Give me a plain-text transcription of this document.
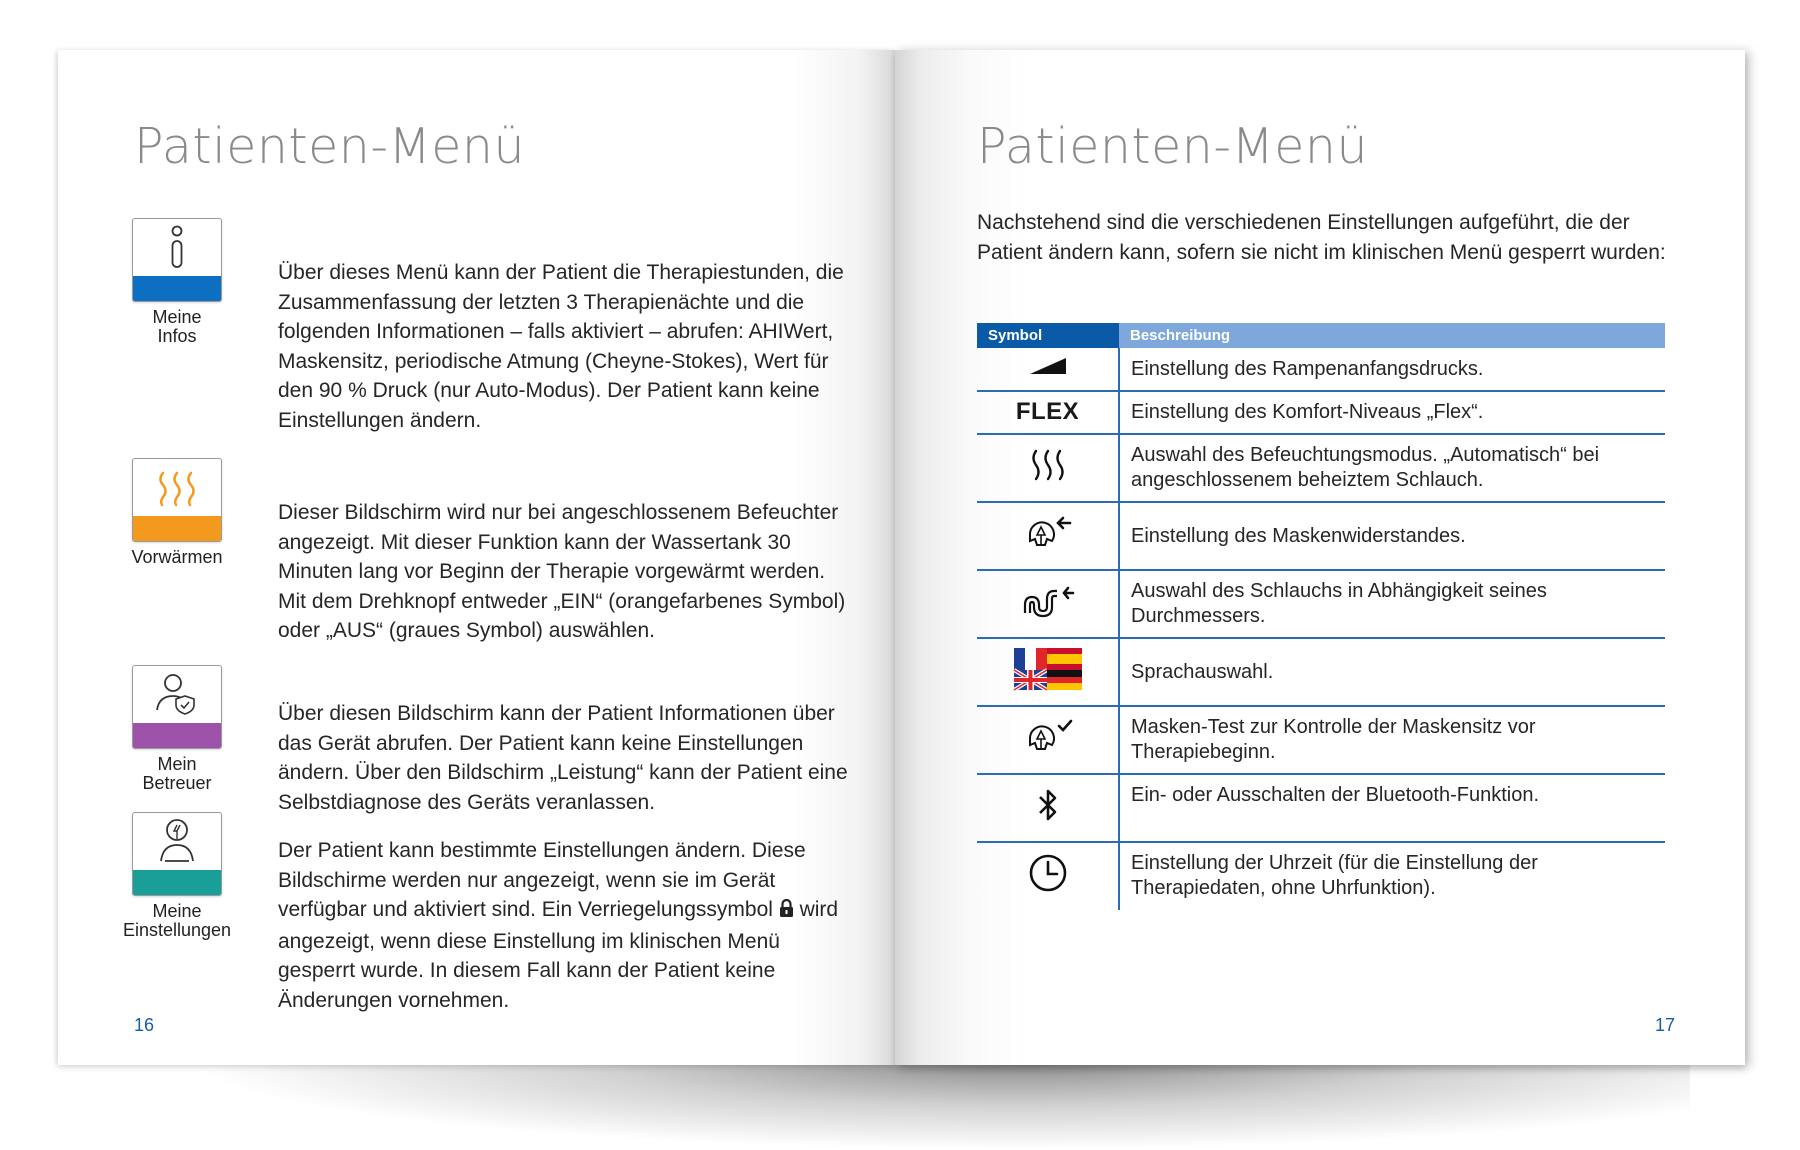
Patienten-Menü
Meine
Infos

Über dieses Menü kann der Patient die Therapiestunden, die Zusammenfassung der letzten 3 Therapienächte und die folgenden Informationen – falls aktiviert – abrufen: AHIWert, Maskensitz, periodische Atmung (Cheyne-Stokes), Wert für den 90 % Druck (nur Auto-Modus). Der Patient kann keine Einstellungen ändern.

Vorwärmen

Dieser Bildschirm wird nur bei angeschlossenem Befeuchter angezeigt. Mit dieser Funktion kann der Wassertank 30 Minuten lang vor Beginn der Therapie vorgewärmt werden. Mit dem Drehknopf entweder „EIN“ (orangefarbenes Symbol) oder „AUS“ (graues Symbol) auswählen.

Mein
Betreuer

Über diesen Bildschirm kann der Patient Informationen über das Gerät abrufen. Der Patient kann keine Einstellungen ändern. Über den Bildschirm „Leistung“ kann der Patient eine Selbstdiagnose des Geräts veranlassen.

Meine
Einstellungen

Der Patient kann bestimmte Einstellungen ändern. Diese Bildschirme werden nur angezeigt, wenn sie im Gerät verfügbar und aktiviert sind. Ein Verriegelungssymbol  wird angezeigt, wenn diese Einstellung im klinischen Menü gesperrt wurde. In diesem Fall kann der Patient keine Änderungen vornehmen.

16
Patienten-Menü

Nachstehend sind die verschiedenen Einstellungen aufgeführt, die der Patient ändern kann, sofern sie nicht im klinischen Menü gesperrt wurden:

Symbol	Beschreibung
	Einstellung des Rampenanfangsdrucks.
FLEX	Einstellung des Komfort-Niveaus „Flex“.
	Auswahl des Befeuchtungsmodus. „Automatisch“ bei angeschlossenem beheiztem Schlauch.
	Einstellung des Maskenwiderstandes.
	Auswahl des Schlauchs in Abhängigkeit seines Durchmessers.
	Sprachauswahl.
	Masken-Test zur Kontrolle der Maskensitz vor Therapiebeginn.
	Ein- oder Ausschalten der Bluetooth-Funktion.
	Einstellung der Uhrzeit (für die Einstellung der Therapiedaten, ohne Uhrfunktion).
17
